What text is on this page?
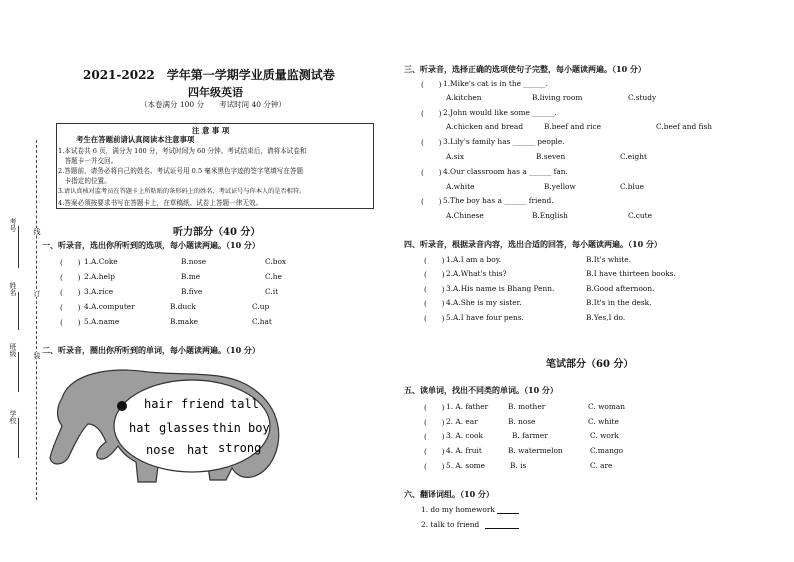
考号
姓名
班级
学校
线
订
装
2021-2022　学年第一学期学业质量监测试卷
四年级英语
（本卷满分 100 分　　考试时间 40 分钟）
注 意 事 项
考生在答题前请认真阅读本注意事项
1.本试卷共 6 页，满分为 100 分，考试时间为 60 分钟。考试结束后，请将本试卷和
　答题卡一并交回。
2.答题前，请务必将自己的姓名、考试证号用 0.5 毫米黑色字迹的签字笔填写在答题
　卡指定的位置。
3.请认真核对监考员在答题卡上所粘贴的条形码上的姓名、考试证号与你本人的是否相符。
4.答案必须按要求书写在答题卡上，在草稿纸、试卷上答题一律无效。
听力部分（40 分）
一、听录音，选出你所听到的选项，每小题读两遍。（10 分）
(　　) 1.A.Coke	B.nose	C.box
(　　) 2.A.help	B.me	C.he
(　　) 3.A.rice	B.five	C.it
(　　) 4.A.computer	B.duck	C.up
(　　) 5.A.name	B.make	C.hat
二、听录音，圈出你所听到的单词，每小题读两遍。（10 分）
hair friend tall
hat glasses thin boy
nose hat strong
三、听录音，选择正确的选项使句子完整，每小题读两遍。（10 分）
(　　) 1.Mike's cat is in the ______.
A.kitchen	B.living room	C.study
(　　) 2.John would like some ______.
A.chicken and bread	B.beef and rice	C.beef and fish
(　　) 3.Lily's family has ______ people.
A.six	B.seven	C.eight
(　　) 4.Our classroom has a ______ fan.
A.white	B.yellow	C.blue
(　　) 5.The boy has a ______ friend.
A.Chinese	B.English	C.cute
四、听录音，根据录音内容，选出合适的回答，每小题读两遍。（10 分）
(　　) 1.A.I am a boy.	B.It's white.
(　　) 2.A.What's this?	B.I have thirteen books.
(　　) 3.A.His name is Bhang Penn.	B.Good afternoon.
(　　) 4.A.She is my sister.	B.It's in the desk.
(　　) 5.A.I have four pens.	B.Yes,I do.
笔试部分（60 分）
五、读单词，找出不同类的单词。（10 分）
(　　) 1. A. father	B. mother	C. woman
(　　) 2. A. ear	B. nose	C. white
(　　) 3. A. cook	B. farmer	C. work
(　　) 4. A. fruit	B. watermelon	C.mango
(　　) 5. A. some	B. is	C. are
六、翻译词组。（10 分）
1. do my homework
2. talk to friend
